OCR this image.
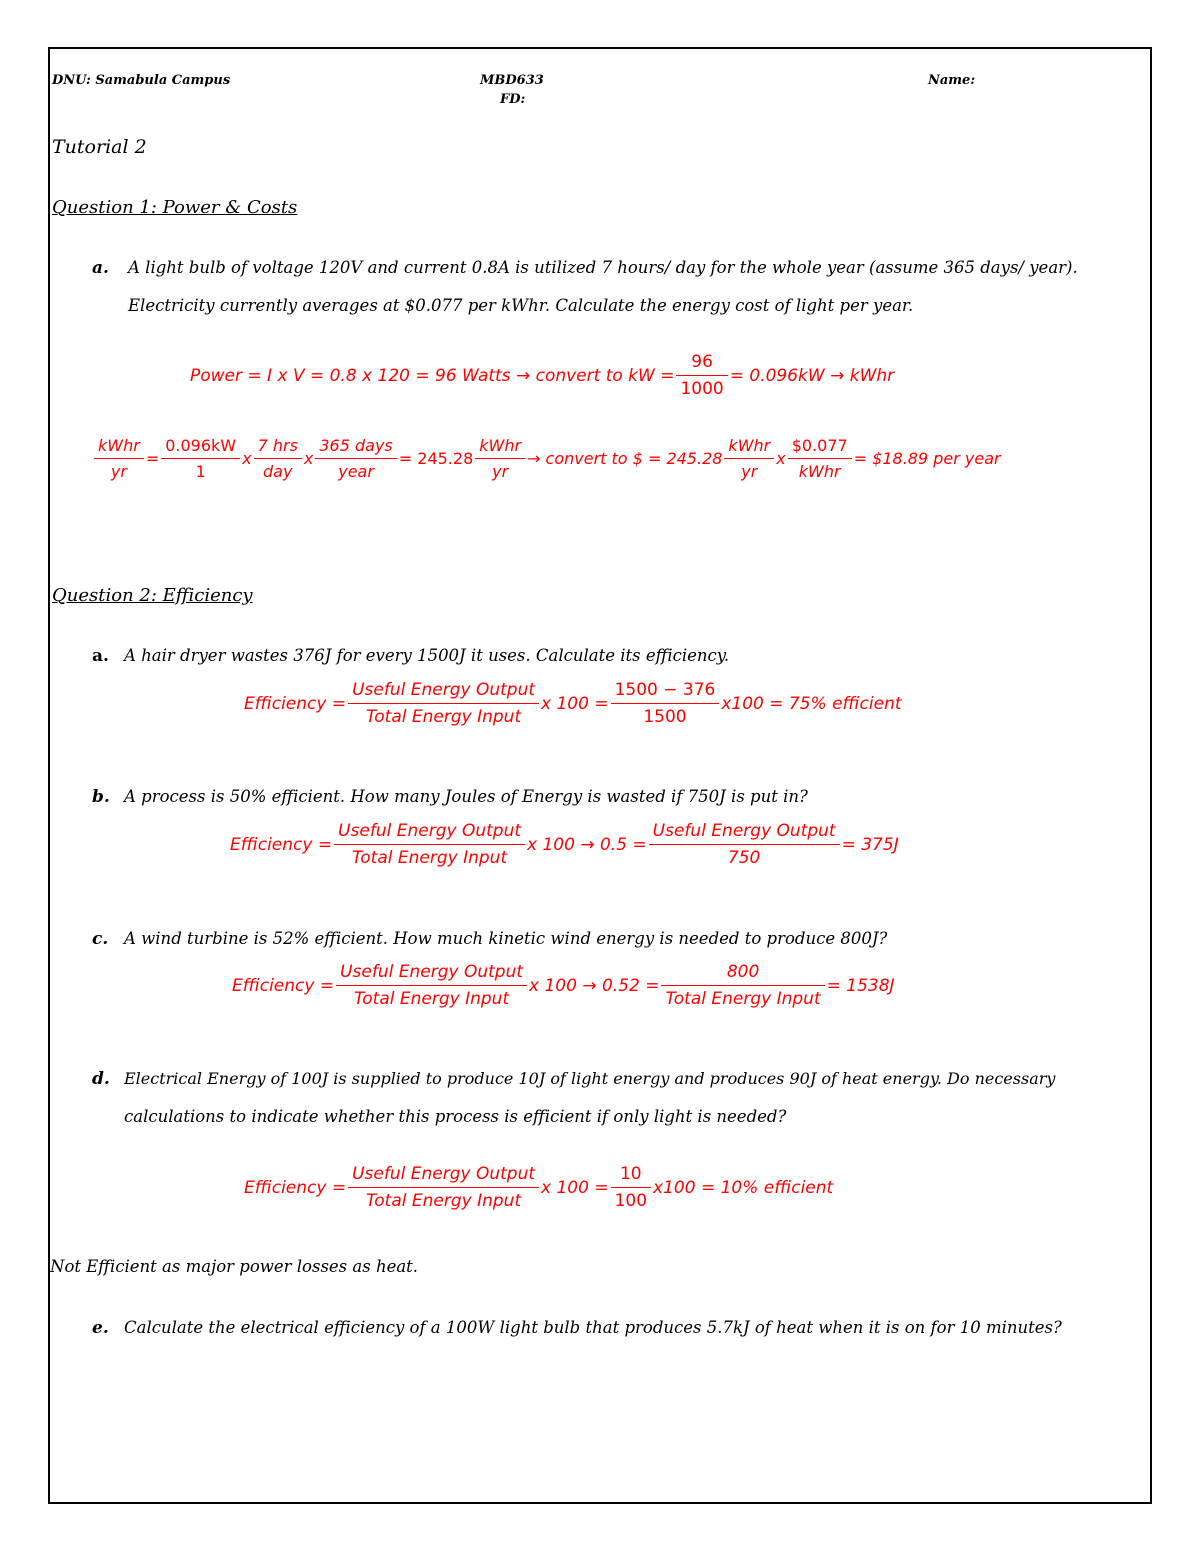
DNU: Samabula Campus	MBD633
FD:
Name:
Tutorial 2
Question 1: Power & Costs
a. A light bulb of voltage 120V and current 0.8A is utilized 7 hours/ day for the whole year (assume 365 days/ year).
Electricity currently averages at $0.077 per kWhr. Calculate the energy cost of light per year.
Power = I x V = 0.8 x 120 = 96 Watts → convert to kW = $\frac{96}{1000} = 0.096kW$ → kWhr
$\frac{\text{kWhr}}{yr} = \frac{0.096kW}{1}$ x $\frac{\text{7 hrs}}{\text{day}}$ x $\frac{\text{365 days}}{\text{year}} = 245.28 \frac{\text{kWhr}}{yr}$ → convert to $ = $245.28 \frac{\text{kWhr}}{yr}$ x $\frac{\$0.077}{\text{kWhr}}$ = $18.89 per year
Question 2: Efficiency
a. A hair dryer wastes 376J for every 1500J it uses. Calculate its efficiency.
Efficiency = $\frac{\text{Useful Energy Output}}{\text{Total Energy Input}}$ x $100 = \frac{1500 - 376}{1500} x100 = 75\%$ efficient
b. A process is 50% efficient. How many Joules of Energy is wasted if 750J is put in?
Efficiency = $\frac{\text{Useful Energy Output}}{\text{Total Energy Input}}$ x $100 \to 0.5 = \frac{\text{Useful Energy Output}}{750} = 375J$
c. A wind turbine is 52% efficient. How much kinetic wind energy is needed to produce 800J?
Efficiency = $\frac{\text{Useful Energy Output}}{\text{Total Energy Input}}$ x $100 \to 0.52 = \frac{800}{\text{Total Energy Input}} = 1538J$
d. Electrical Energy of 100J is supplied to produce 10J of light energy and produces 90J of heat energy. Do necessary
calculations to indicate whether this process is efficient if only light is needed?
Efficiency = $\frac{\text{Useful Energy Output}}{\text{Total Energy Input}}$ x $100 = \frac{10}{100} x100 = 10\%$ efficient
Not Efficient as major power losses as heat.
e. Calculate the electrical efficiency of a 100W light bulb that produces 5.7kJ of heat when it is on for 10 minutes?
